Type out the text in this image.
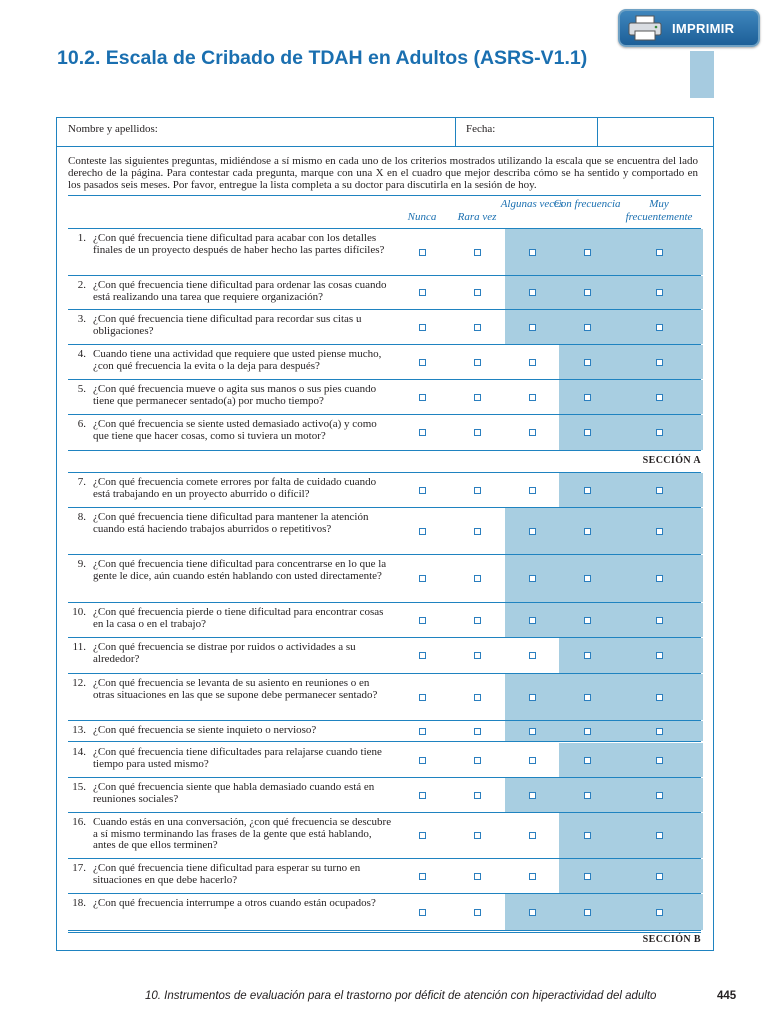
IMPRIMIR
10.2. Escala de Cribado de TDAH en Adultos (ASRS-V1.1)
Nombre y apellidos:	Fecha:
Conteste las siguientes preguntas, midiéndose a sí mismo en cada uno de los criterios mostrados utilizando la escala que se encuentra del lado derecho de la página. Para contestar cada pregunta, marque con una X en el cuadro que mejor describa cómo se ha sentido y comportado en los pasados seis meses. Por favor, entregue la lista completa a su doctor para discutirla en la sesión de hoy.
1. ¿Con qué frecuencia tiene dificultad para acabar con los detalles finales de un proyecto después de haber hecho las partes difíciles?
2. ¿Con qué frecuencia tiene dificultad para ordenar las cosas cuando está realizando una tarea que requiere organización?
3. ¿Con qué frecuencia tiene dificultad para recordar sus citas u obligaciones?
4. Cuando tiene una actividad que requiere que usted piense mucho, ¿con qué frecuencia la evita o la deja para después?
5. ¿Con qué frecuencia mueve o agita sus manos o sus pies cuando tiene que permanecer sentado(a) por mucho tiempo?
6. ¿Con qué frecuencia se siente usted demasiado activo(a) y como que tiene que hacer cosas, como si tuviera un motor?
7. ¿Con qué frecuencia comete errores por falta de cuidado cuando está trabajando en un proyecto aburrido o difícil?
8. ¿Con qué frecuencia tiene dificultad para mantener la atención cuando está haciendo trabajos aburridos o repetitivos?
9. ¿Con qué frecuencia tiene dificultad para concentrarse en lo que la gente le dice, aún cuando estén hablando con usted directamente?
10. ¿Con qué frecuencia pierde o tiene dificultad para encontrar cosas en la casa o en el trabajo?
11. ¿Con qué frecuencia se distrae por ruidos o actividades a su alrededor?
12. ¿Con qué frecuencia se levanta de su asiento en reuniones o en otras situaciones en las que se supone debe permanecer sentado?
13. ¿Con qué frecuencia se siente inquieto o nervioso?
14. ¿Con qué frecuencia tiene dificultades para relajarse cuando tiene tiempo para usted mismo?
15. ¿Con qué frecuencia siente que habla demasiado cuando está en reuniones sociales?
16. Cuando estás en una conversación, ¿con qué frecuencia se descubre a sí mismo terminando las frases de la gente que está hablando, antes de que ellos terminen?
17. ¿Con qué frecuencia tiene dificultad para esperar su turno en situaciones en que debe hacerlo?
18. ¿Con qué frecuencia interrumpe a otros cuando están ocupados?
Nunca	Rara vez
Algunas veces
Con frecuencia	Muy frecuentemente
SECCIÓN A
SECCIÓN B
10. Instrumentos de evaluación para el trastorno por déficit de atención con hiperactividad del adulto	445
